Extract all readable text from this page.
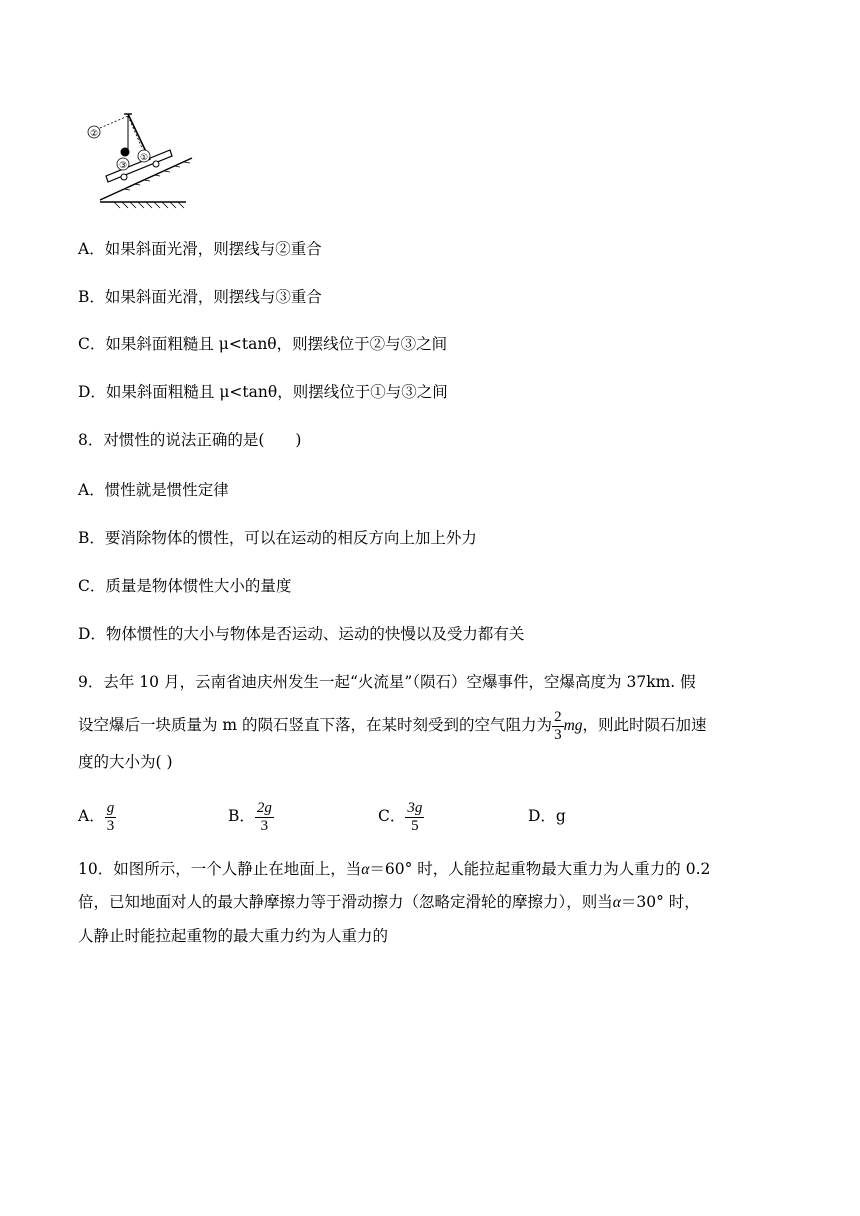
②
③
①
A．如果斜面光滑，则摆线与②重合
B．如果斜面光滑，则摆线与③重合
C．如果斜面粗糙且 μ<tanθ，则摆线位于②与③之间
D．如果斜面粗糙且 μ<tanθ，则摆线位于①与③之间
8．对惯性的说法正确的是(　　)
A．惯性就是惯性定律
B．要消除物体的惯性，可以在运动的相反方向上加上外力
C．质量是物体惯性大小的量度
D．物体惯性的大小与物体是否运动、运动的快慢以及受力都有关
9．去年 10 月，云南省迪庆州发生一起“火流星”（陨石）空爆事件，空爆高度为 37km. 假
设空爆后一块质量为 m 的陨石竖直下落，在某时刻受到的空气阻力为 $\frac{2}{3}$ mg，则此时陨石加速
度的大小为( )
A． $\frac{g}{3}$	B． $\frac{2g}{3}$	C． $\frac{3g}{5}$	D．g
10．如图所示，一个人静止在地面上，当α＝60° 时，人能拉起重物最大重力为人重力的 0.2
倍，已知地面对人的最大静摩擦力等于滑动擦力（忽略定滑轮的摩擦力），则当α＝30° 时，
人静止时能拉起重物的最大重力约为人重力的
